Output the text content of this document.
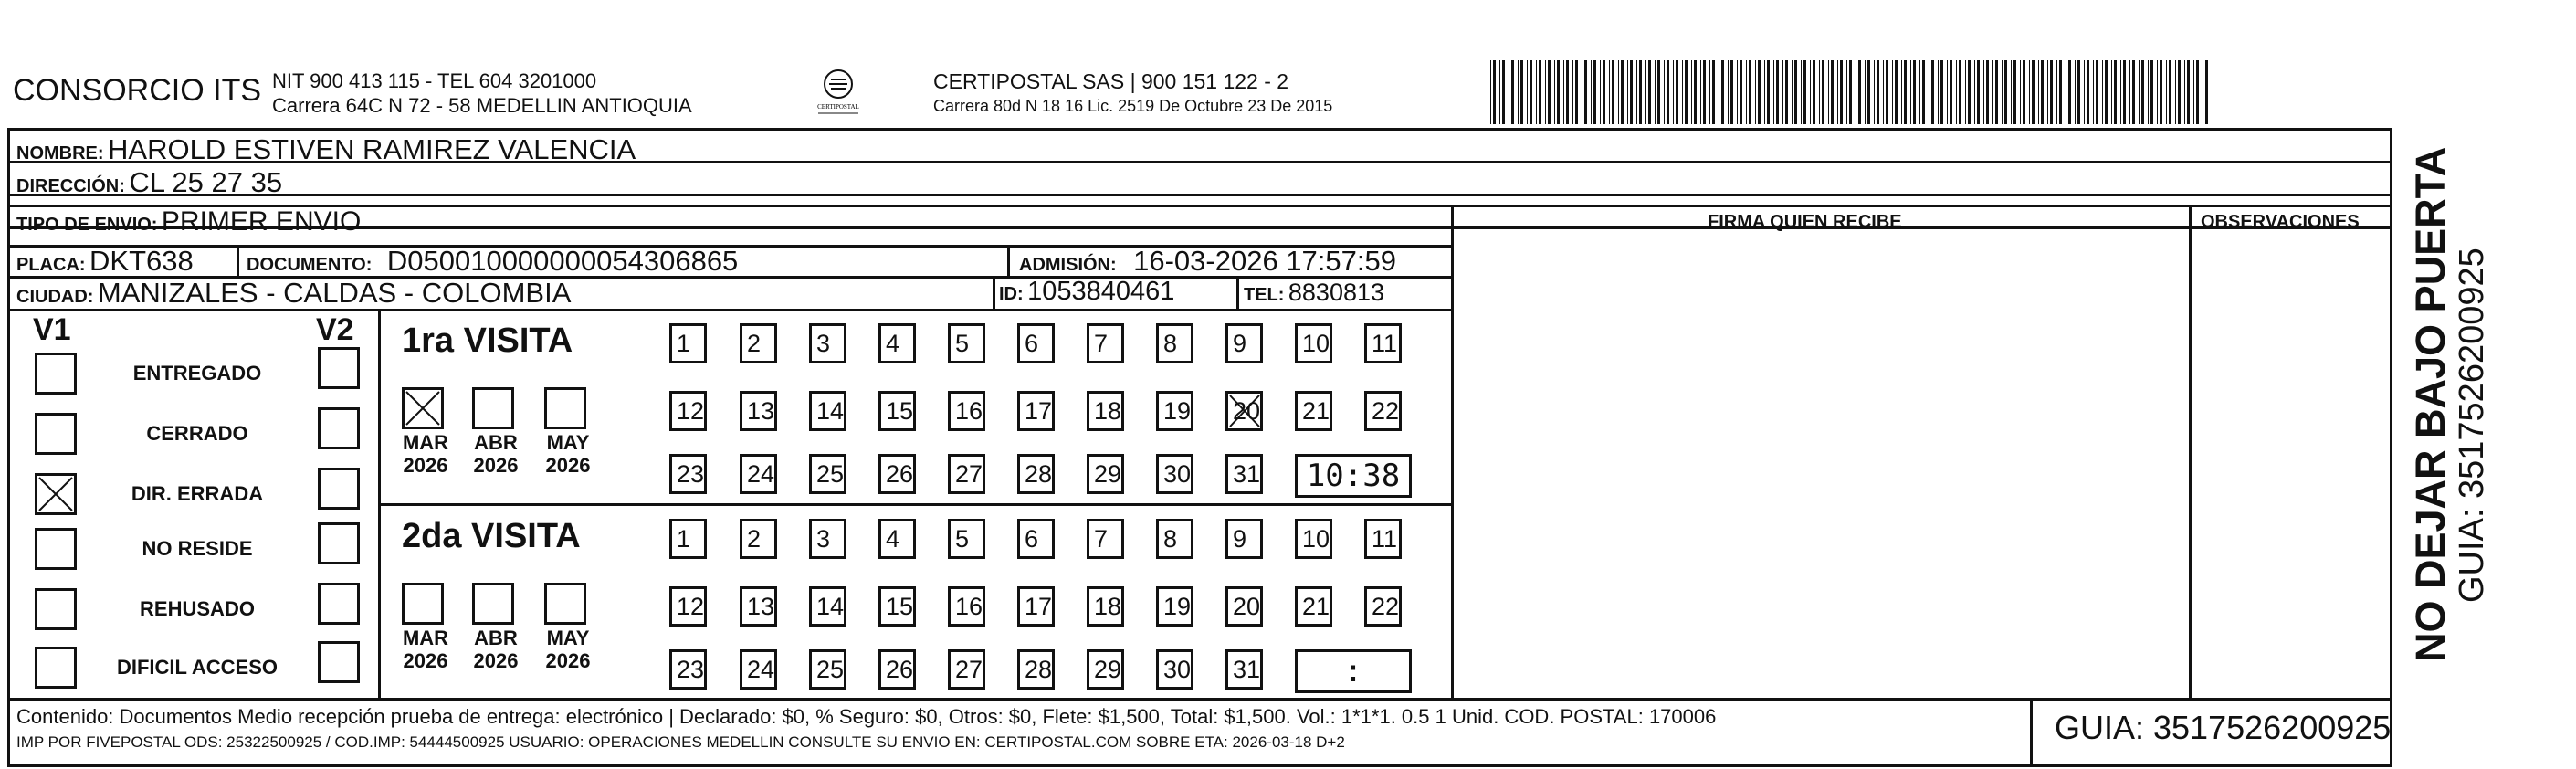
CONSORCIO ITS NIT 900 413 115 - TEL 604 3201000
Carrera 64C N 72 - 58 MEDELLIN ANTIOQUIA	CERTIPOSTAL
CERTIPOSTAL SAS | 900 151 122 - 2
Carrera 80d N 18 16 Lic. 2519 De Octubre 23 De 2015
NOMBRE: HAROLD ESTIVEN RAMIREZ VALENCIA
DIRECCIÓN: CL 25 27 35
TIPO DE ENVIO: PRIMER ENVIO	FIRMA QUIEN RECIBE	OBSERVACIONES
PLACA: DKT638	DOCUMENTO: D050010000000054306865	ADMISIÓN: 16-03-2026 17:57:59
CIUDAD: MANIZALES - CALDAS - COLOMBIA	ID: 1053840461	TEL: 8830813
V1	V2
ENTREGADO
CERRADO
DIR. ERRADA
NO RESIDE
REHUSADO
DIFICIL ACCESO
1ra VISITA
MAR
2026
ABR
2026
MAY
2026
1	2	3	4	5	6	7	8	9	10 11
12 13 14 15 16 17 18 19 20 21 22
23 24 25 26 27 28 29 30 31	10:38
2da VISITA
MAR
2026
ABR
2026
MAY
2026
1	2	3	4	5	6	7	8	9	10 11
12 13 14 15 16 17 18 19 20 21 22
23 24 25 26 27 28 29 30 31	:
Contenido: Documentos Medio recepción prueba de entrega: electrónico | Declarado: $0, % Seguro: $0, Otros: $0, Flete: $1,500, Total: $1,500. Vol.: 1*1*1. 0.5 1 Unid. COD. POSTAL: 170006
IMP POR FIVEPOSTAL ODS: 25322500925 / COD.IMP: 54444500925 USUARIO: OPERACIONES MEDELLIN CONSULTE SU ENVIO EN: CERTIPOSTAL.COM SOBRE ETA: 2026-03-18 D+2	GUIA: 3517526200925
NO DEJAR BAJO PUERTA GUIA: 3517526200925
